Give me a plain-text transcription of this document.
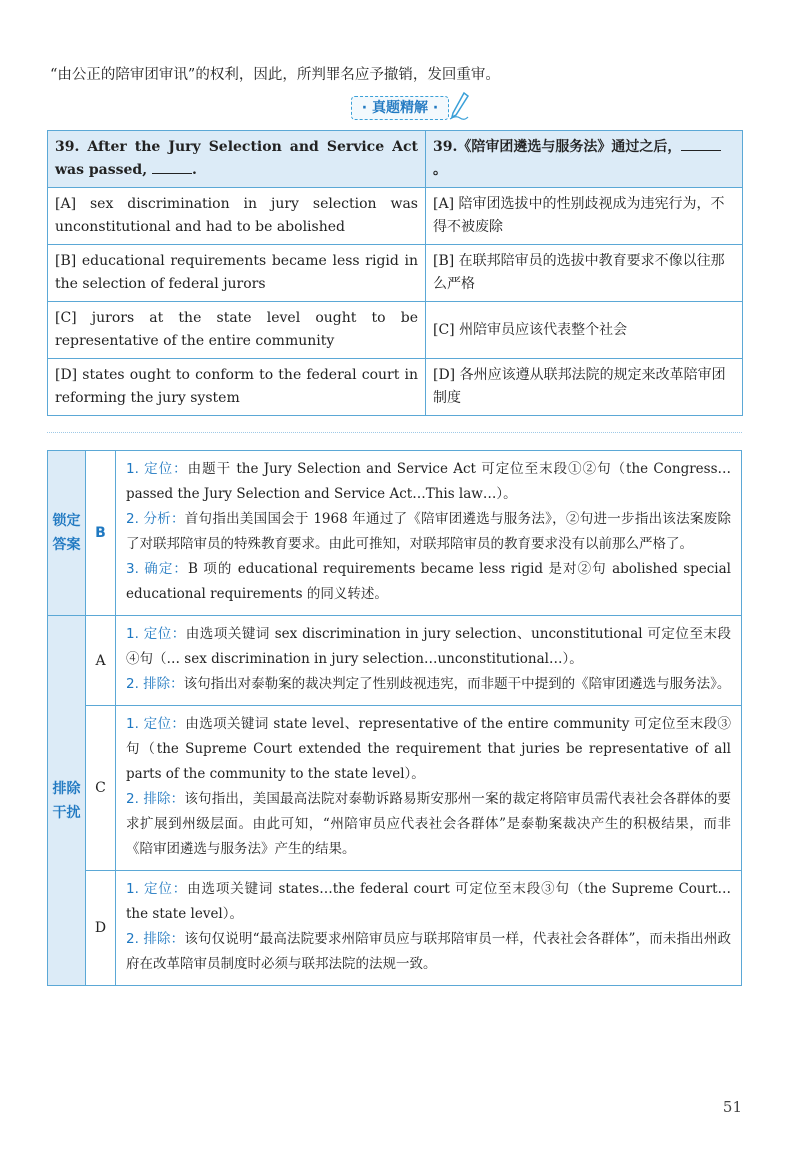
“由公正的陪审团审讯”的权利，因此，所判罪名应予撤销，发回重审。
· 真题精解 ·
39. After the Jury Selection and Service Act was passed, .	39.《陪审团遴选与服务法》通过之后，。
[A] sex discrimination in jury selection was unconstitutional and had to be abolished	[A] 陪审团选拔中的性别歧视成为违宪行为，不得不被废除
[B] educational requirements became less rigid in the selection of federal jurors	[B] 在联邦陪审员的选拔中教育要求不像以往那么严格
[C] jurors at the state level ought to be representative of the entire community	[C] 州陪审员应该代表整个社会
[D] states ought to conform to the federal court in reforming the jury system	[D] 各州应该遵从联邦法院的规定来改革陪审团制度
锁定答案	B	1. 定位：由题干 the Jury Selection and Service Act 可定位至末段①②句（the Congress… passed the Jury Selection and Service Act…This law…）。
2. 分析：首句指出美国国会于 1968 年通过了《陪审团遴选与服务法》，②句进一步指出该法案废除了对联邦陪审员的特殊教育要求。由此可推知，对联邦陪审员的教育要求没有以前那么严格了。
3. 确定：B 项的 educational requirements became less rigid 是对②句 abolished special educational requirements 的同义转述。

排除干扰	A	1. 定位：由选项关键词 sex discrimination in jury selection、unconstitutional 可定位至末段④句（… sex discrimination in jury selection…unconstitutional…）。
2. 排除：该句指出对泰勒案的裁决判定了性别歧视违宪，而非题干中提到的《陪审团遴选与服务法》。

	C	1. 定位：由选项关键词 state level、representative of the entire community 可定位至末段③句（the Supreme Court extended the requirement that juries be representative of all parts of the community to the state level）。
2. 排除：该句指出，美国最高法院对泰勒诉路易斯安那州一案的裁定将陪审员需代表社会各群体的要求扩展到州级层面。由此可知，“州陪审员应代表社会各群体”是泰勒案裁决产生的积极结果，而非《陪审团遴选与服务法》产生的结果。

	D	1. 定位：由选项关键词 states…the federal court 可定位至末段③句（the Supreme Court… the state level）。
2. 排除：该句仅说明“最高法院要求州陪审员应与联邦陪审员一样，代表社会各群体”，而未指出州政府在改革陪审员制度时必须与联邦法院的法规一致。
51
